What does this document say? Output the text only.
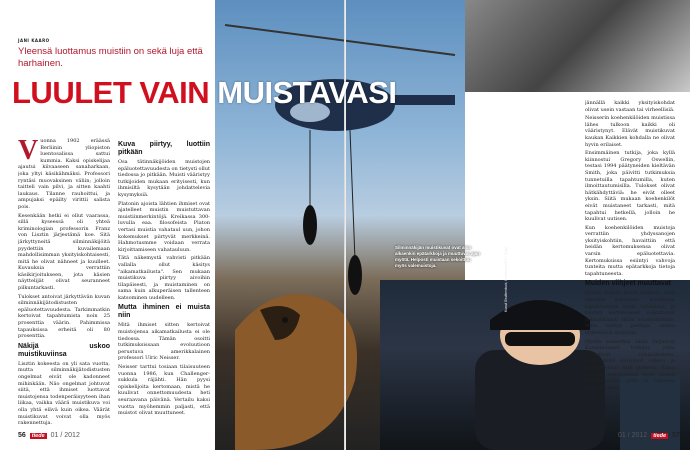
JANI KAARO
Yleensä luottamus muistiin on sekä luja että harhainen.
LUULET VAIN MUISTAVASI
V uonna 1902 eräässä Berliinin yliopiston luentosalissa sattui kummia. Kaksi opiskelijaa ajautui kiivaaseen sanaharkaan, joka yltyi käsikähmäksi. Professori ryntäsi muovaksinen väliin; jolloin taitteli vain pilvi, ja sitten kaahti laukaus. Tilanne rauhoittui, ja ampujaksi epäilty virittii salista pois.

Kesenkään hetki ei ollut vaarassa, sillä kyseessä oli yhteä kriminologian professorin Franz von Lisztin järjestämä koe. Sitä järkyttyneitä silminnäkijöitä pyydettiin kuvailemaan mahdollisimman yksityiskohtaisesti, mitä he olivat nähneet ja kuulleet. Kuvauksia verrattiin käsikirjoitukseen, jota käsien näyttelijät olivat seuranneet pilkuntarkasti.

Tulokset antoivat järkyttävän kuvan silminnäkijätodistusten epäluotettavuudesta. Tarkimmatkin kertoivat tapahtumista noin 25 prosenttia väärin. Pahimmissa tapauksissa erheitä oli 80 prosenttia.

Näkijä uskoo muistikuviinsa

Lisztin kokeesta on yli sata vuotta, mutta silminnäkijätodistusten ongelmat eivät ole kadonneet mihinkään. Näo ongelmat johtuvat siitä, että ihmiset luottavat muistojensa todenperäisyyteen ihan liikaa, vaikka väärä muistikuva voi olla yhtä elävä kuin oikea. Väärät muistikuvat voivat olla myös rakennettuja.

Kuva piirtyy, luottiin pitkään

Osa tätinnäkijöiden muistojen epäluotettavuudesta on tietysti ollut tiedossa jo pitkään. Muisti vääristyy tutkijoiden mukaan erityisesti, kun ihmisiltä kysytään johdattelevia kysymyksiä.

Platonin ajoista lähtien ihmiset ovat ajatelleet muistin muistuttavan muistiinmerkintöjä. Kreikassa 300-luvulla eaa. filosofeista Platon vertasi muistia vahataul uun, johon kokemukset piirtyvät merkkeinä. Hahmotusmme voidaan verrata kirjoittamiseen vahatauluun.

Tätä näkemystä vahvisti pitkään vallalla ollut käsitys "aikamatkailusta". Sen mukaan muistikuva piirtyy aivoihin tilapäisesti, ja muistaminen on sama kuin alkuperäisen tallenteen katsominen uudelleen.

Mutta ihminen ei muista niin

Mitä ihmiset sitten kertoivat muistojensa aikamatkailusta ei ole tiedossa. Tämän osoitti tutkimuksissaan evoluutioon perustuva amerikkalainen professori Ulric Neisser.

Neisser tarttui tosiaan tilaisuuteen vuonna 1986, kun Challenger-sukkula räjähti. Hän pyysi opiskelijoita kertomaan, mistä he kuulivat onnettomuudesta heti seuraavana päivänä. Vertailu kaksi vuotta myöhemmin paljasti, että muistot olivat muuttuneet.

Silminnäkijän muistikuvat ovat alun alkaenkin epätarkkoja ja muuttuvat ajan myötä. Helposti muistaan sekoittuu myös valemuistoja.	Kuvat Shutterstock, Lehtikuva/AFP / Tanja

jännällä kaikki yksityiskohdat olivat usein vastaan tai virheellisiä.

Neisserin koehenkilöiden muistissa lähes tulkoon kaikki oli vääristynyt. Elävät muistikuvat kaukan Kaikkien kohdalla ne olivat hyvin erilaiset.

Ensimmäinen tutkija, joka kyllä kiinnostui Gregory Oswellin, testasi 1994 päätyneiden kieltävän Smith, joka päivitti tutkimuksia tunnetuilla tapahtumilla, kuten ilmoittautumisilla. Tulokset olivat hätkähdyttäviä: he eivät olleet yksin. Siitä mukaan koehenkilöt eivät muistaneet tarkasti, mitä tapahtui hetkellä, jolloin he kuulivat uutisen.

Kun koehenkilöiden muistoja verrattiin yhdyssanojen yksityiskohtiin, havaittiin että heidän kertomuksensa olivat varsin epäluotettavia. Kertomuksissa esiintyi vahvoja tunteita mutta epätarkkoja tietoja tapahtuneesta.

Muiden viihjeet muuttavat

Emme muista kovin tarkasti, mitä olemme kokeneet. Kuulimme tapahtumista usein ryhmässä, ja toisten kertomukset vaikuttavat voimakkaasti omiin muistoihimme. Näin syntyy jaettuja, mutta virheellisiä muistoja.

Hyvän esimerkin tästä tarjoavat Kanada-laiset tutkijat, jotka järjestivät ryhmäkokeen. Koehenkilöt katsoivat videon ja keskustelivat siitä yhdessä. Kaksi viikkoa myöhemmin moni muisti yksityiskohtia, joita ei videossa ollut lainkaan.

56	tiede 01 / 2012	01 / 2012	tiede 57
